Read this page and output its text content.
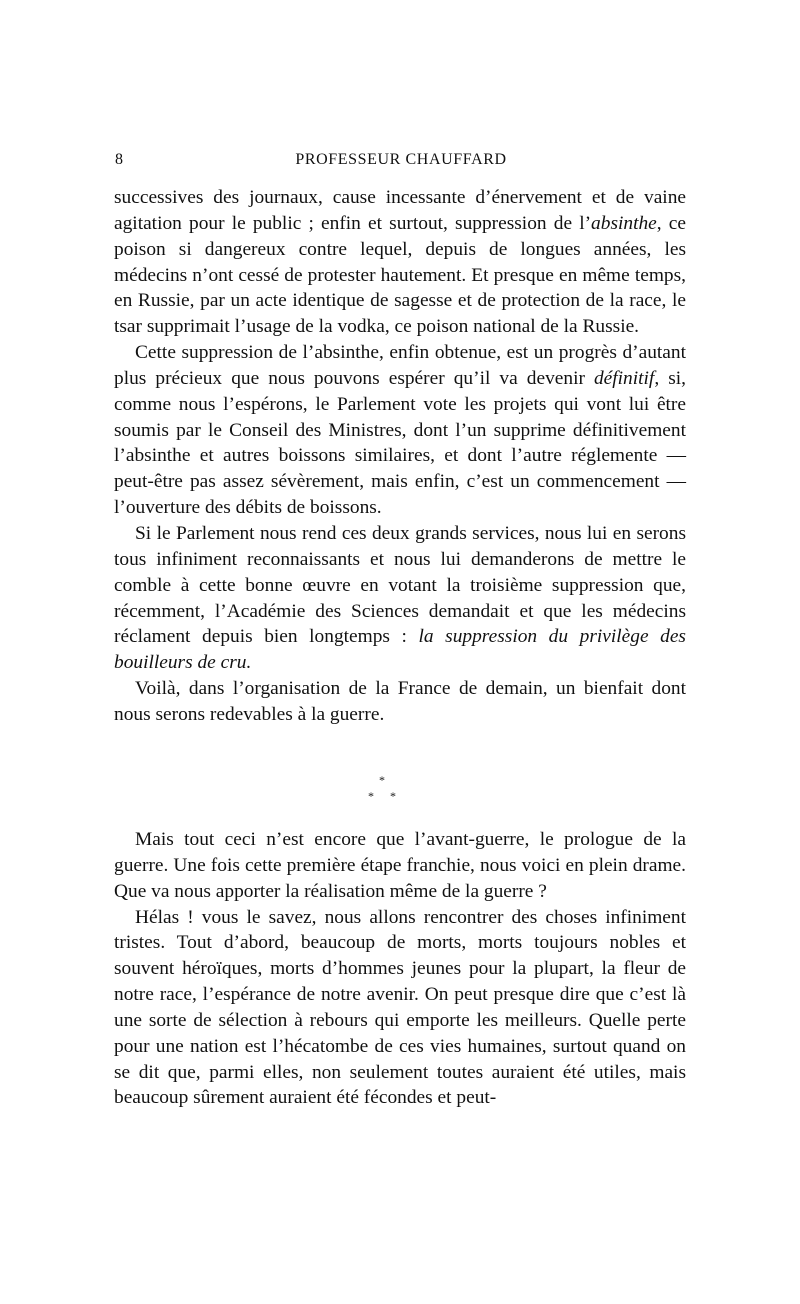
8	PROFESSEUR CHAUFFARD

successives des journaux, cause incessante d’énervement et de vaine agitation pour le public ; enfin et surtout, suppression de l’absinthe, ce poison si dangereux contre lequel, depuis de longues années, les médecins n’ont cessé de protester hautement. Et presque en même temps, en Russie, par un acte identique de sagesse et de protection de la race, le tsar supprimait l’usage de la vodka, ce poison national de la Russie.

Cette suppression de l’absinthe, enfin obtenue, est un progrès d’autant plus précieux que nous pouvons espérer qu’il va devenir définitif, si, comme nous l’espérons, le Parlement vote les projets qui vont lui être soumis par le Conseil des Ministres, dont l’un supprime définitivement l’absinthe et autres boissons similaires, et dont l’autre réglemente — peut-être pas assez sévèrement, mais enfin, c’est un commencement — l’ouverture des débits de boissons.

Si le Parlement nous rend ces deux grands services, nous lui en serons tous infiniment reconnaissants et nous lui demanderons de mettre le comble à cette bonne œuvre en votant la troisième suppression que, récemment, l’Académie des Sciences demandait et que les médecins réclament depuis bien longtemps : la suppression du privilège des bouilleurs de cru.

Voilà, dans l’organisation de la France de demain, un bienfait dont nous serons redevables à la guerre.

*
* *

Mais tout ceci n’est encore que l’avant-guerre, le prologue de la guerre. Une fois cette première étape franchie, nous voici en plein drame. Que va nous apporter la réalisation même de la guerre ?

Hélas ! vous le savez, nous allons rencontrer des choses infiniment tristes. Tout d’abord, beaucoup de morts, morts toujours nobles et souvent héroïques, morts d’hommes jeunes pour la plupart, la fleur de notre race, l’espérance de notre avenir. On peut presque dire que c’est là une sorte de sélection à rebours qui emporte les meilleurs. Quelle perte pour une nation est l’hécatombe de ces vies humaines, surtout quand on se dit que, parmi elles, non seulement toutes auraient été utiles, mais beaucoup sûrement auraient été fécondes et peut-
